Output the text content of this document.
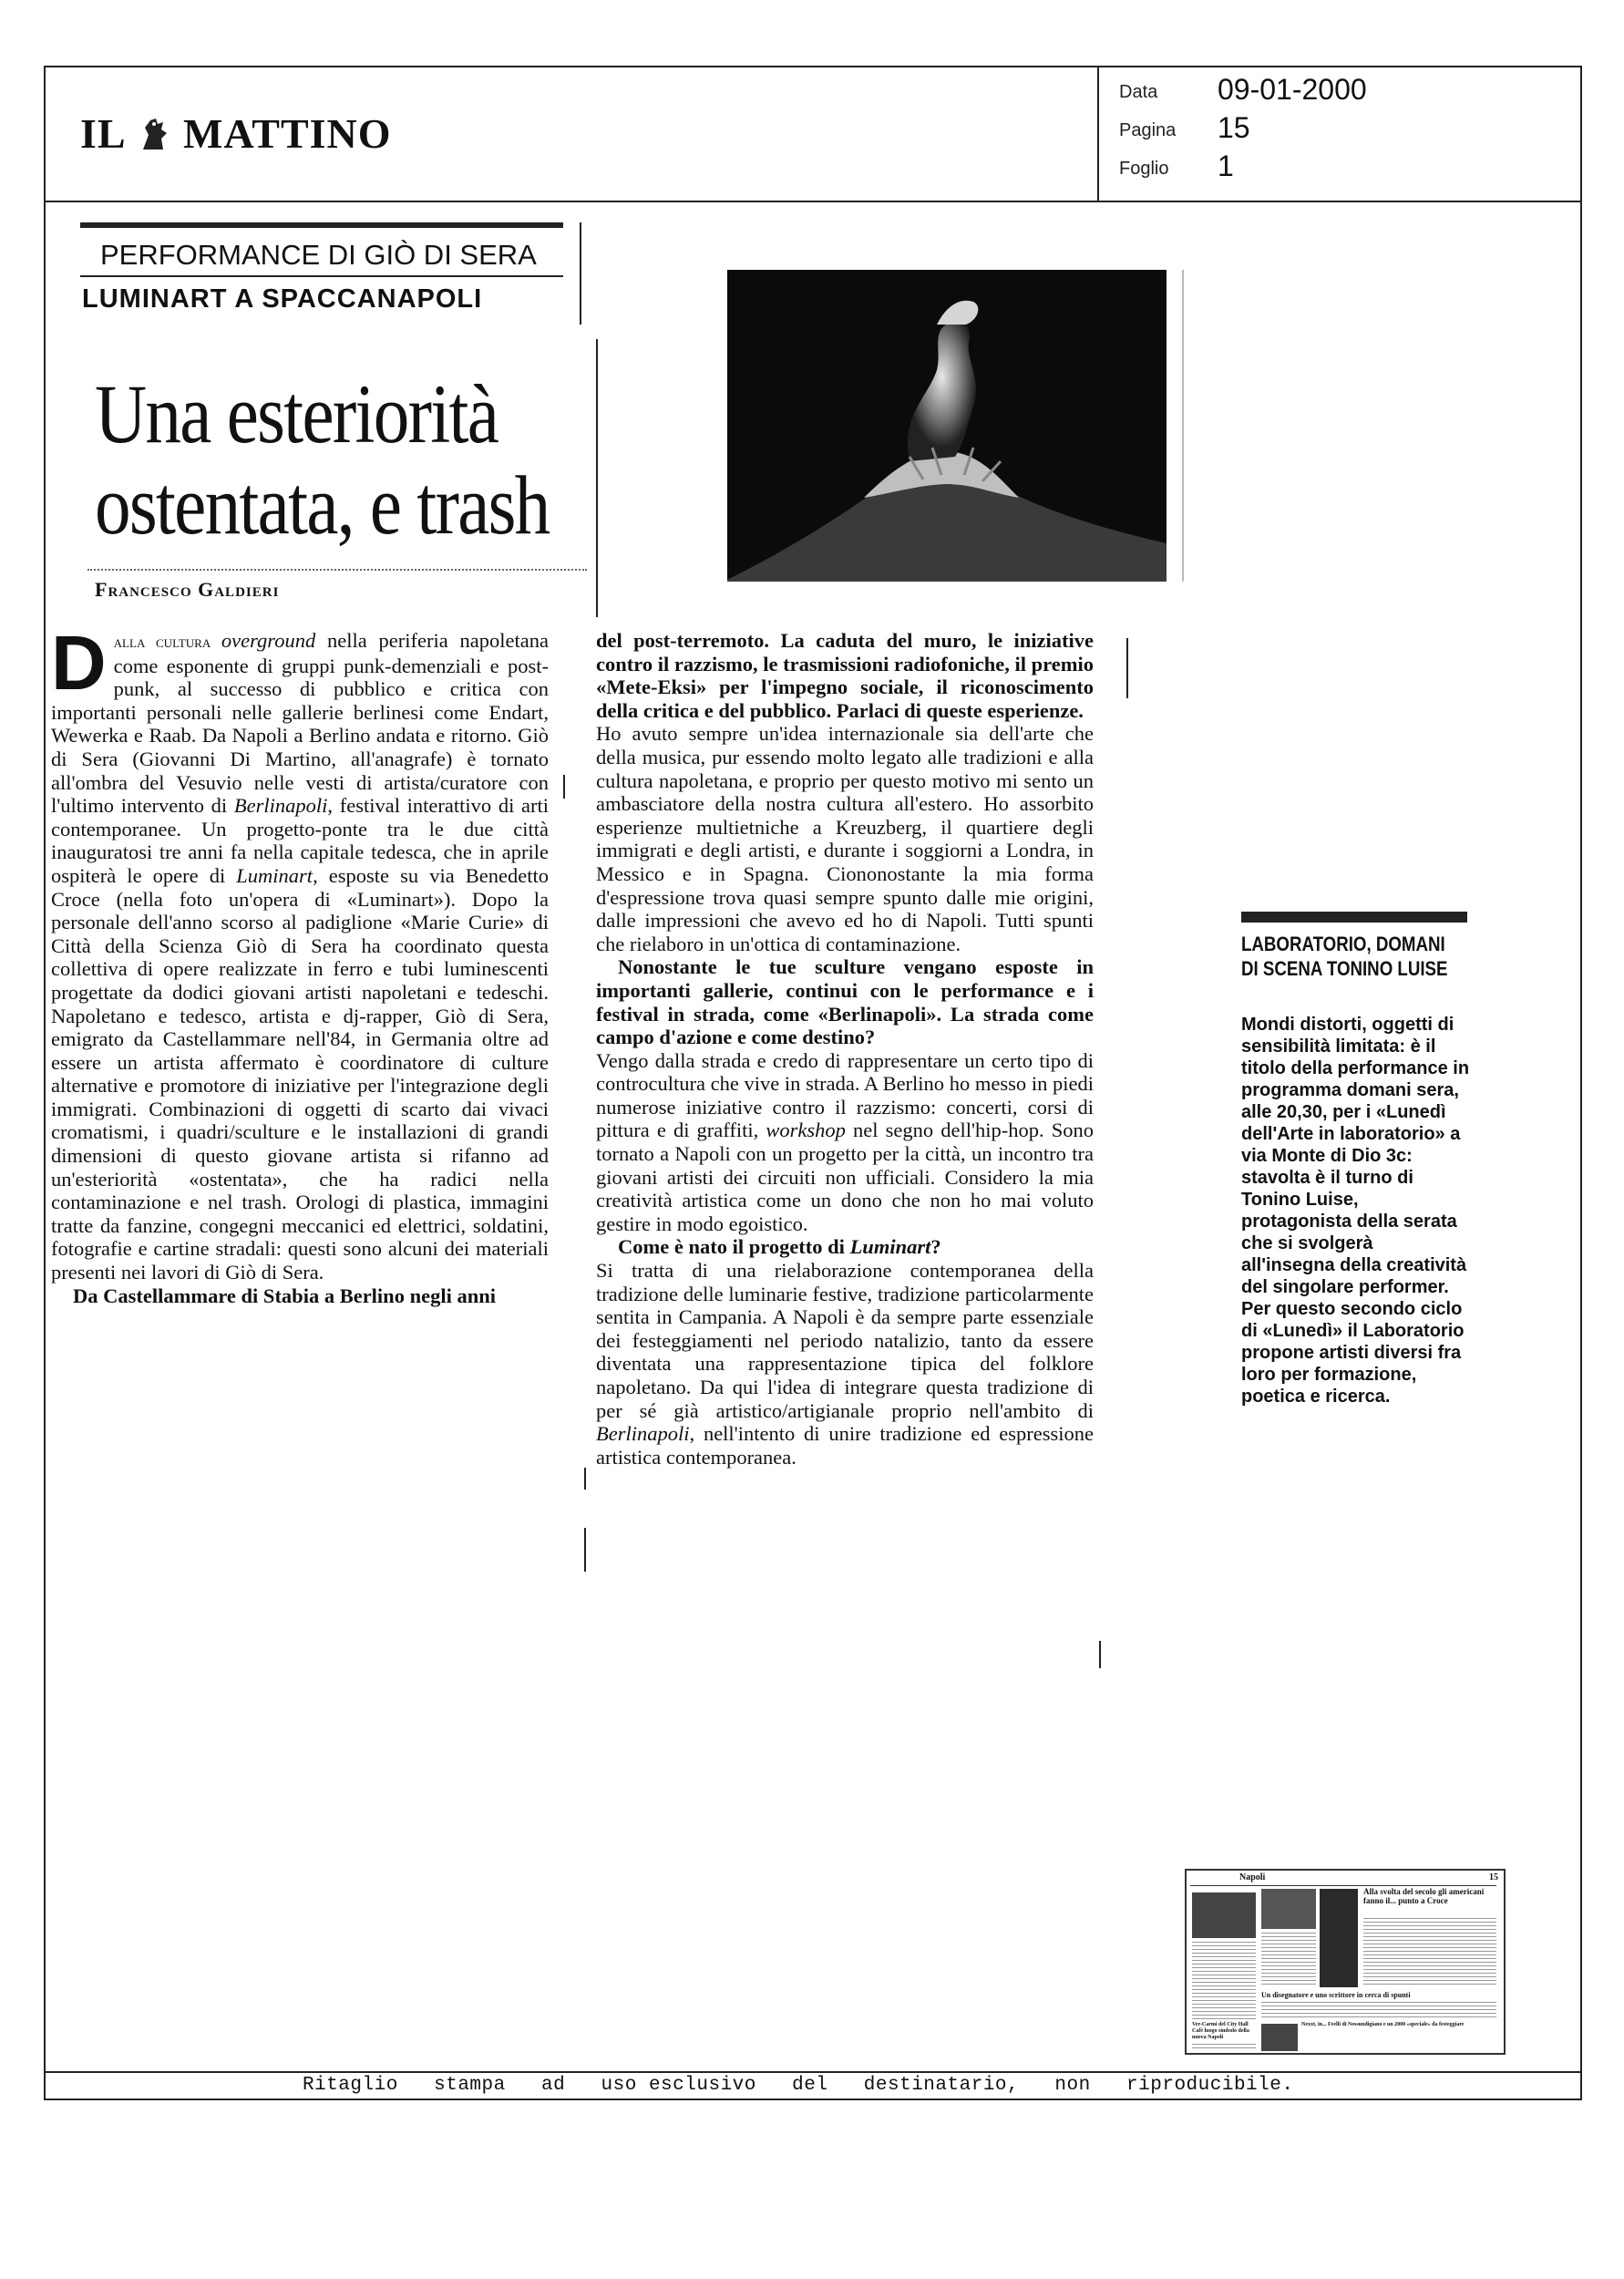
IL MATTINO
Data 09-01-2000
Pagina 15
Foglio 1
PERFORMANCE DI GIÒ DI SERA
LUMINART A SPACCANAPOLI
Una esteriorità
ostentata, e trash
Francesco Galdieri

D alla cultura overground nella periferia napoletana come esponente di gruppi punk-demenziali e post-punk, al successo di pubblico e critica con importanti personali nelle gallerie berlinesi come Endart, Wewerka e Raab. Da Napoli a Berlino andata e ritorno. Giò di Sera (Giovanni Di Martino, all'anagrafe) è tornato all'ombra del Vesuvio nelle vesti di artista/curatore con l'ultimo intervento di Berlinapoli, festival interattivo di arti contemporanee. Un progetto-ponte tra le due città inauguratosi tre anni fa nella capitale tedesca, che in aprile ospiterà le opere di Luminart, esposte su via Benedetto Croce (nella foto un'opera di «Luminart»). Dopo la personale dell'anno scorso al padiglione «Marie Curie» di Città della Scienza Giò di Sera ha coordinato questa collettiva di opere realizzate in ferro e tubi luminescenti progettate da dodici giovani artisti napoletani e tedeschi. Napoletano e tedesco, artista e dj-rapper, Giò di Sera, emigrato da Castellammare nell'84, in Germania oltre ad essere un artista affermato è coordinatore di culture alternative e promotore di iniziative per l'integrazione degli immigrati. Combinazioni di oggetti di scarto dai vivaci cromatismi, i quadri/sculture e le installazioni di grandi dimensioni di questo giovane artista si rifanno ad un'esteriorità «ostentata», che ha radici nella contaminazione e nel trash. Orologi di plastica, immagini tratte da fanzine, congegni meccanici ed elettrici, soldatini, fotografie e cartine stradali: questi sono alcuni dei materiali presenti nei lavori di Giò di Sera.

Da Castellammare di Stabia a Berlino negli anni

del post-terremoto. La caduta del muro, le iniziative contro il razzismo, le trasmissioni radiofoniche, il premio «Mete-Eksi» per l'impegno sociale, il riconoscimento della critica e del pubblico. Parlaci di queste esperienze.

Ho avuto sempre un'idea internazionale sia dell'arte che della musica, pur essendo molto legato alle tradizioni e alla cultura napoletana, e proprio per questo motivo mi sento un ambasciatore della nostra cultura all'estero. Ho assorbito esperienze multietniche a Kreuzberg, il quartiere degli immigrati e degli artisti, e durante i soggiorni a Londra, in Messico e in Spagna. Ciononostante la mia forma d'espressione trova quasi sempre spunto dalle mie origini, dalle impressioni che avevo ed ho di Napoli. Tutti spunti che rielaboro in un'ottica di contaminazione.

Nonostante le tue sculture vengano esposte in importanti gallerie, continui con le performance e i festival in strada, come «Berlinapoli». La strada come campo d'azione e come destino?

Vengo dalla strada e credo di rappresentare un certo tipo di controcultura che vive in strada. A Berlino ho messo in piedi numerose iniziative contro il razzismo: concerti, corsi di pittura e di graffiti, workshop nel segno dell'hip-hop. Sono tornato a Napoli con un progetto per la città, un incontro tra giovani artisti dei circuiti non ufficiali. Considero la mia creatività artistica come un dono che non ho mai voluto gestire in modo egoistico.

Come è nato il progetto di Luminart?

Si tratta di una rielaborazione contemporanea della tradizione delle luminarie festive, tradizione particolarmente sentita in Campania. A Napoli è da sempre parte essenziale dei festeggiamenti nel periodo natalizio, tanto da essere diventata una rappresentazione tipica del folklore napoletano. Da qui l'idea di integrare questa tradizione di per sé già artistico/artigianale proprio nell'ambito di Berlinapoli, nell'intento di unire tradizione ed espressione artistica contemporanea.

LABORATORIO, DOMANI
DI SCENA TONINO LUISE
Mondi distorti, oggetti di sensibilità limitata: è il titolo della performance in programma domani sera, alle 20,30, per i «Lunedì dell'Arte in laboratorio» a via Monte di Dio 3c: stavolta è il turno di Tonino Luise, protagonista della serata che si svolgerà all'insegna della creatività del singolare performer. Per questo secondo ciclo di «Lunedì» il Laboratorio propone artisti diversi fra loro per formazione, poetica e ricerca.
Napoli	15
Alla svolta del secolo gli americani fanno il... punto a Croce
Un disegnatore e uno scrittore in cerca di spunti
Ver-Carmi del City Hall Cafè luogo simbolo della nuova Napoli
Nexxt, in... Feelli di Nessundigiano e un 2000 «speciale» da festeggiare
Ritaglio   stampa   ad   uso esclusivo   del   destinatario,   non   riproducibile.
